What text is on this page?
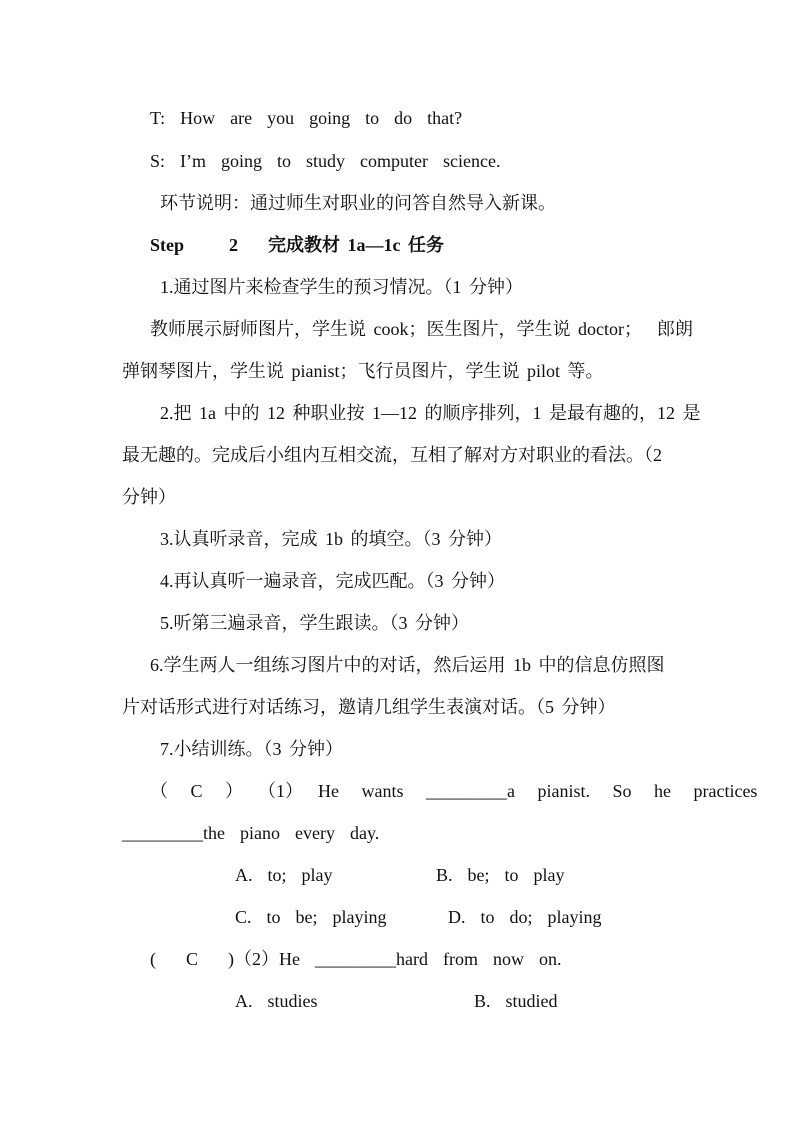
T:  How  are  you  going  to  do  that?
S:  I’m  going  to  study  computer  science.
环节说明：通过师生对职业的问答自然导入新课。
Step      2    完成教材 1a—1c 任务
1.通过图片来检查学生的预习情况。（1 分钟）
教师展示厨师图片，学生说 cook；医生图片，学生说 doctor；  郎朗
弹钢琴图片，学生说 pianist；飞行员图片，学生说 pilot 等。
2.把 1a 中的 12 种职业按 1—12 的顺序排列，1 是最有趣的，12 是
最无趣的。完成后小组内互相交流，互相了解对方对职业的看法。（2
分钟）
3.认真听录音，完成 1b 的填空。（3 分钟）
4.再认真听一遍录音，完成匹配。（3 分钟）
5.听第三遍录音，学生跟读。（3 分钟）
6.学生两人一组练习图片中的对话，然后运用 1b 中的信息仿照图
片对话形式进行对话练习，邀请几组学生表演对话。（5 分钟）
7.小结训练。（3 分钟）
（   C   ）  （1）  He   wants   _________a   pianist.   So   he   practices
_________the  piano  every  day.
A.  to;  play	B.  be;  to  play
C.  to  be;  playing	D.  to  do;  playing
(    C    )（2）He  _________hard  from  now  on.
A.  studies	B.  studied
